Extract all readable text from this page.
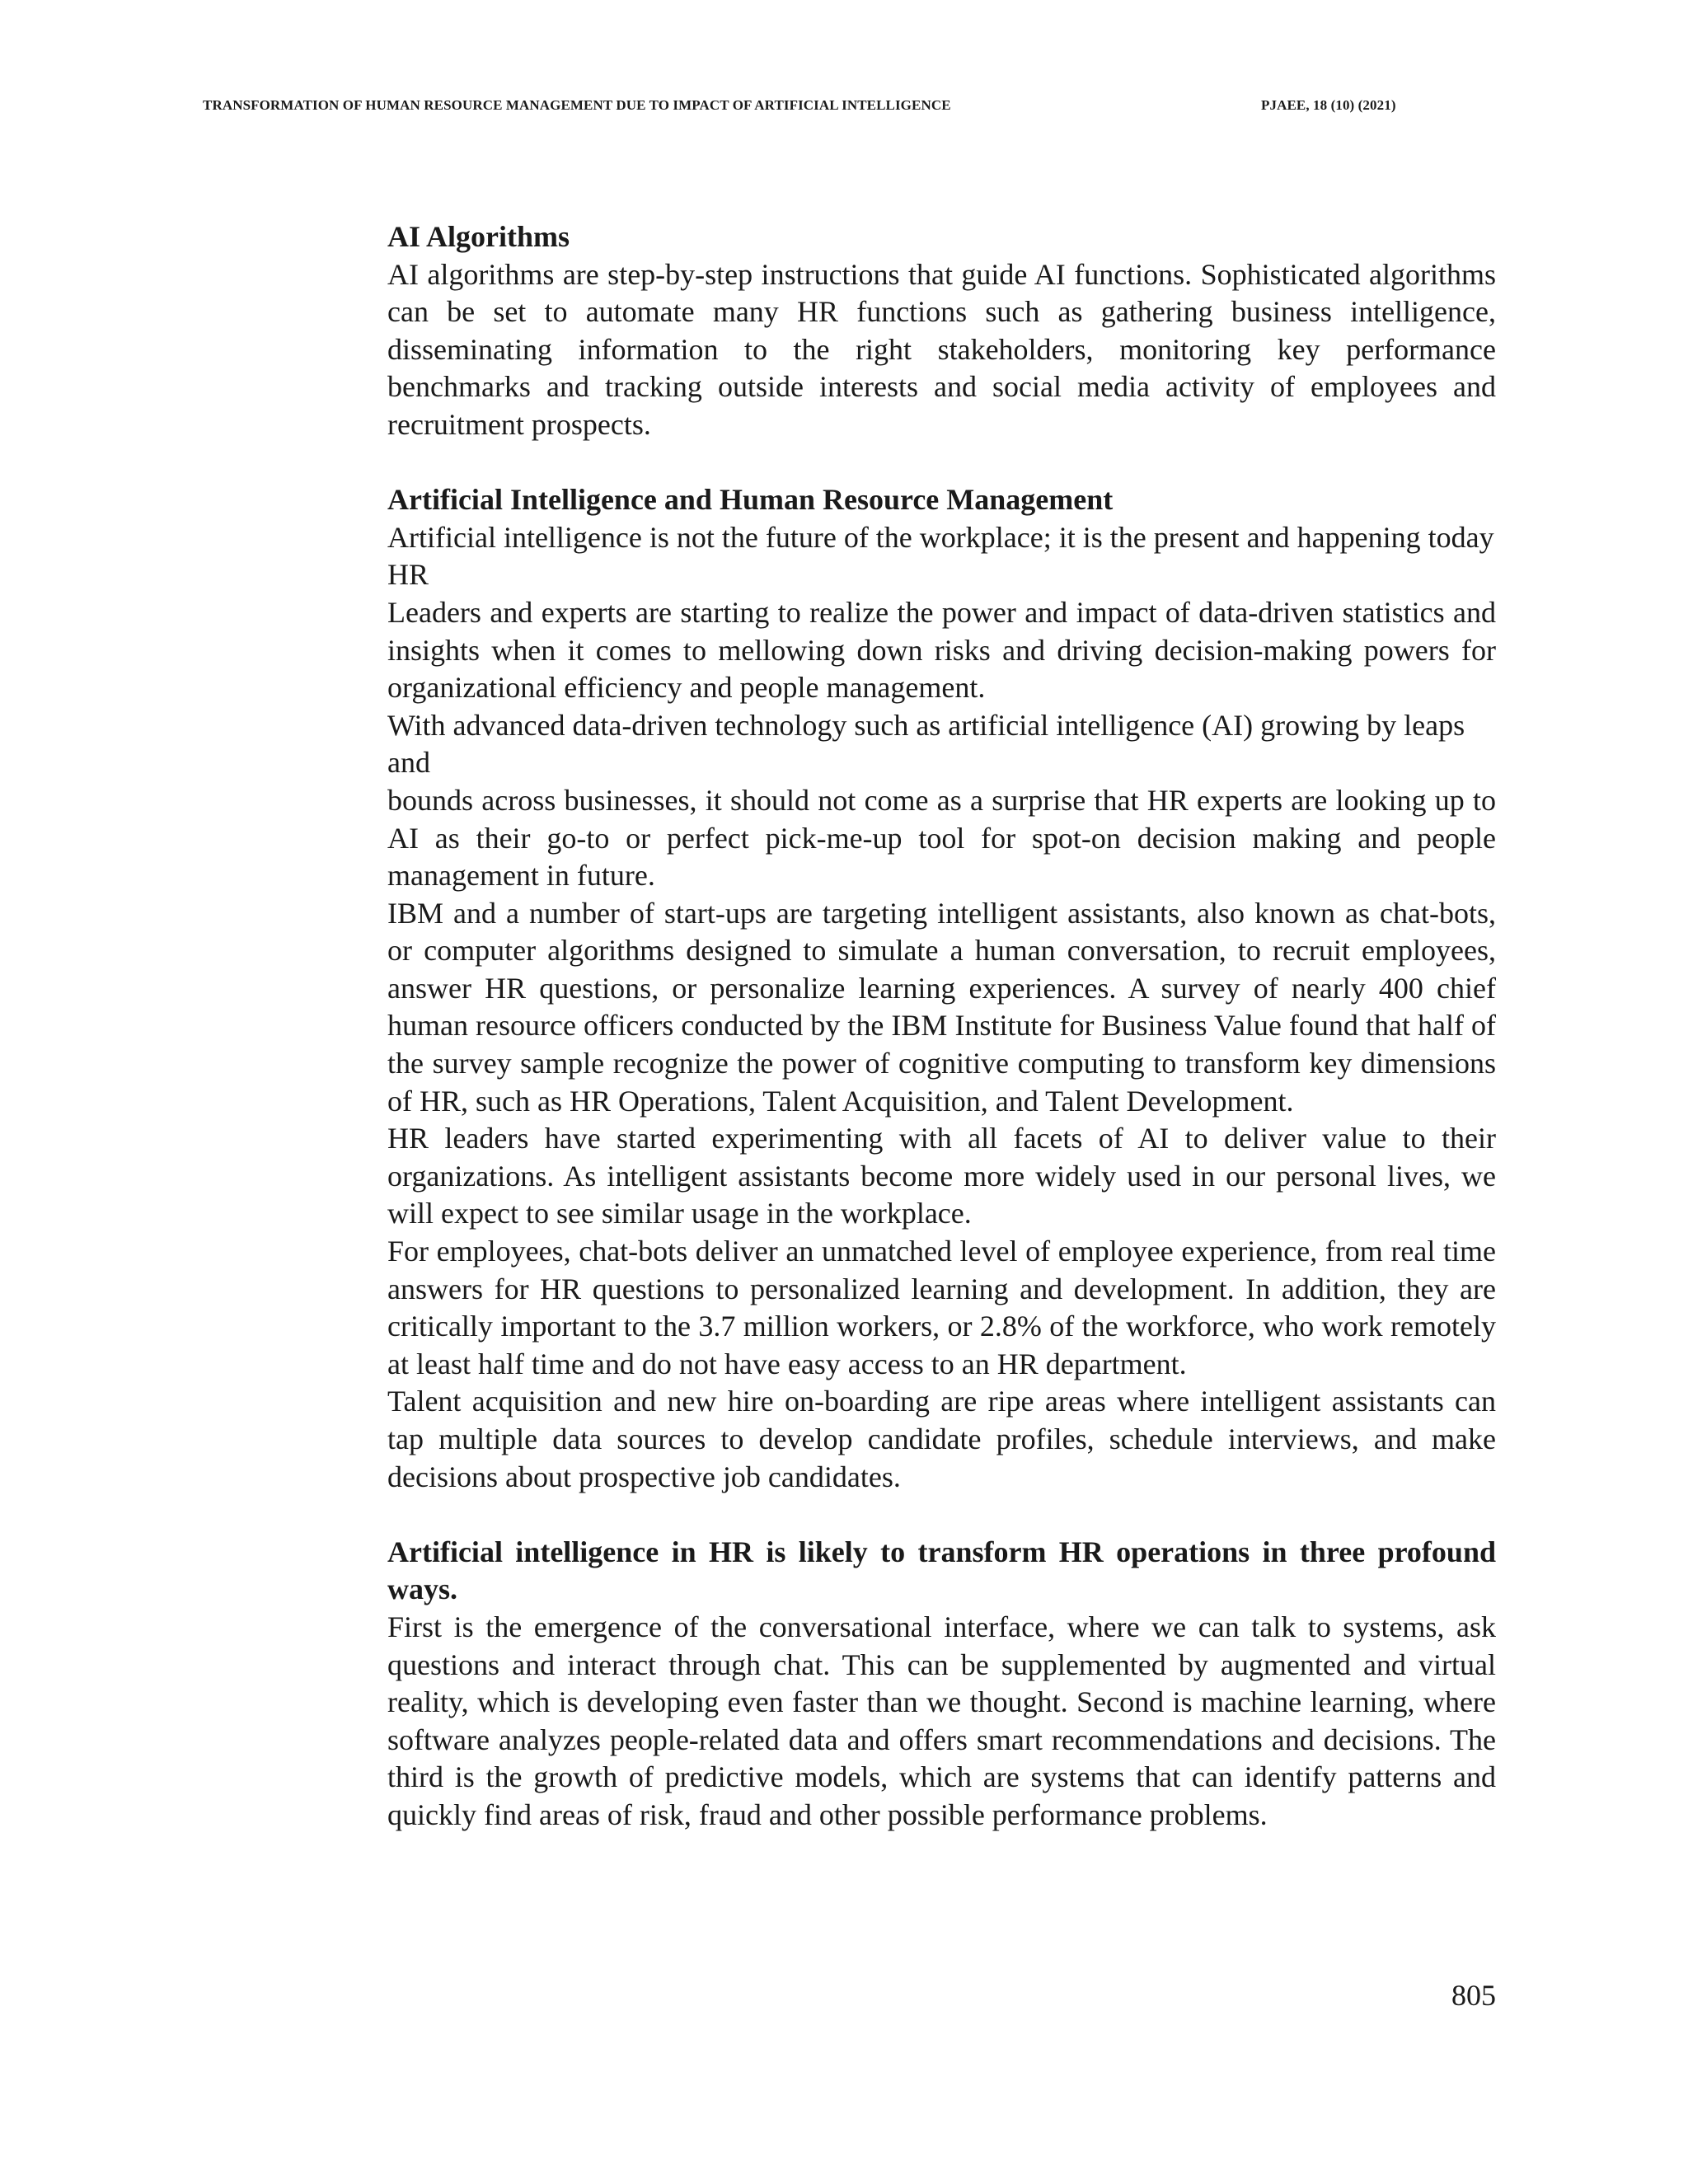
TRANSFORMATION OF HUMAN RESOURCE MANAGEMENT DUE TO IMPACT OF ARTIFICIAL INTELLIGENCE	PJAEE, 18 (10) (2021)

AI Algorithms

AI algorithms are step-by-step instructions that guide AI functions. Sophisticated algorithms can be set to automate many HR functions such as gathering business intelligence, disseminating information to the right stakeholders, monitoring key performance benchmarks and tracking outside interests and social media activity of employees and recruitment prospects.

Artificial Intelligence and Human Resource Management

Artificial intelligence is not the future of the workplace; it is the present and happening today HR

Leaders and experts are starting to realize the power and impact of data-driven statistics and insights when it comes to mellowing down risks and driving decision-making powers for organizational efficiency and people management.

With advanced data-driven technology such as artificial intelligence (AI) growing by leaps and

bounds across businesses, it should not come as a surprise that HR experts are looking up to AI as their go-to or perfect pick-me-up tool for spot-on decision making and people management in future.

IBM and a number of start-ups are targeting intelligent assistants, also known as chat-bots, or computer algorithms designed to simulate a human conversation, to recruit employees, answer HR questions, or personalize learning experiences. A survey of nearly 400 chief human resource officers conducted by the IBM Institute for Business Value found that half of the survey sample recognize the power of cognitive computing to transform key dimensions of HR, such as HR Operations, Talent Acquisition, and Talent Development.

HR leaders have started experimenting with all facets of AI to deliver value to their organizations. As intelligent assistants become more widely used in our personal lives, we will expect to see similar usage in the workplace.

For employees, chat-bots deliver an unmatched level of employee experience, from real time answers for HR questions to personalized learning and development. In addition, they are critically important to the 3.7 million workers, or 2.8% of the workforce, who work remotely at least half time and do not have easy access to an HR department.

Talent acquisition and new hire on-boarding are ripe areas where intelligent assistants can tap multiple data sources to develop candidate profiles, schedule interviews, and make decisions about prospective job candidates.

Artificial intelligence in HR is likely to transform HR operations in three profound ways.

First is the emergence of the conversational interface, where we can talk to systems, ask questions and interact through chat. This can be supplemented by augmented and virtual reality, which is developing even faster than we thought. Second is machine learning, where software analyzes people-related data and offers smart recommendations and decisions. The third is the growth of predictive models, which are systems that can identify patterns and quickly find areas of risk, fraud and other possible performance problems.

805
